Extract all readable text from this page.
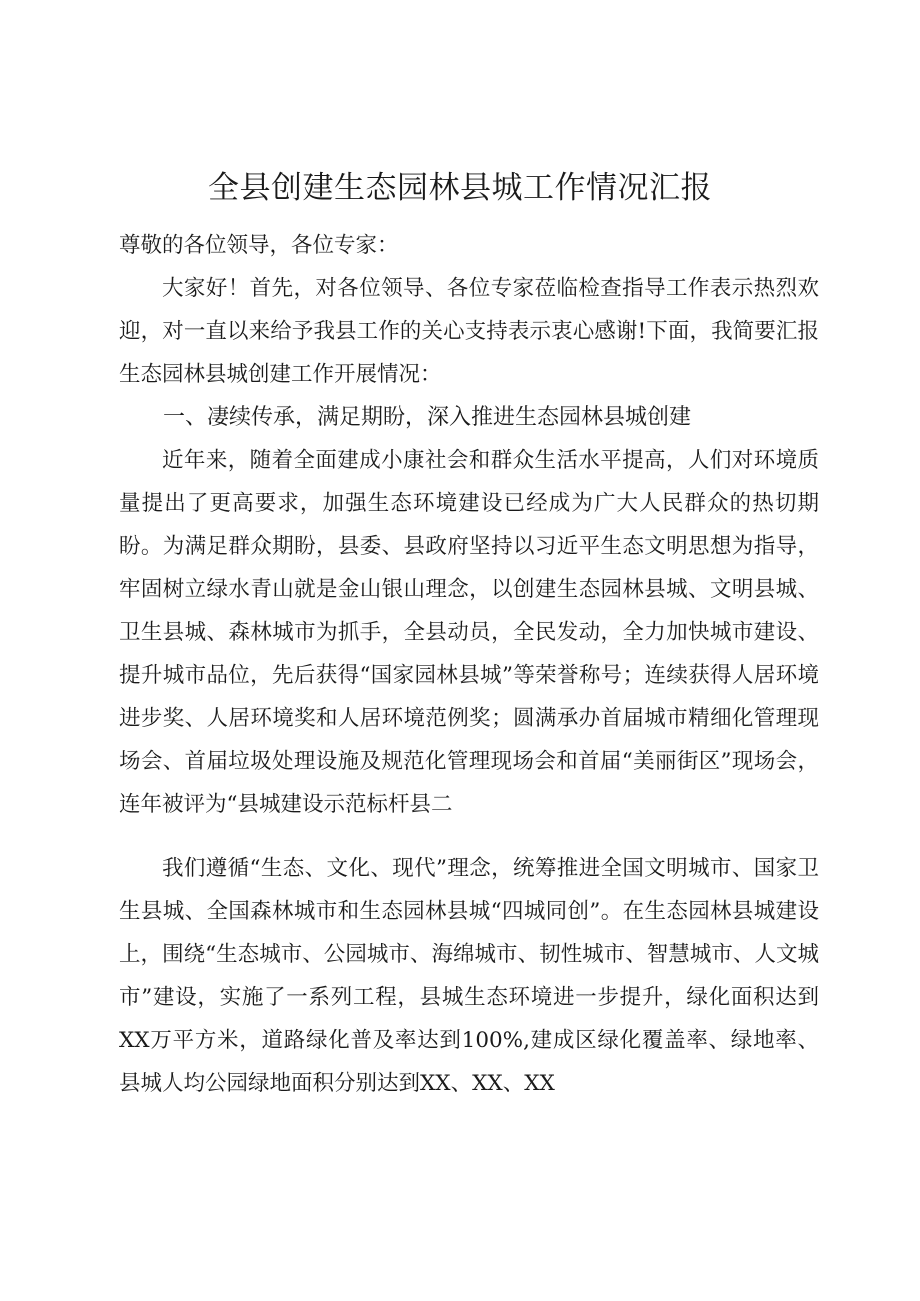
全县创建生态园林县城工作情况汇报

尊敬的各位领导，各位专家：

大家好！首先，对各位领导、各位专家莅临检查指导工作表示热烈欢迎，对一直以来给予我县工作的关心支持表示衷心感谢!下面，我简要汇报生态园林县城创建工作开展情况：

一、凄续传承，满足期盼，深入推进生态园林县城创建

近年来，随着全面建成小康社会和群众生活水平提高，人们对环境质量提出了更高要求，加强生态环境建设已经成为广大人民群众的热切期盼。为满足群众期盼，县委、县政府坚持以习近平生态文明思想为指导，牢固树立绿水青山就是金山银山理念，以创建生态园林县城、文明县城、卫生县城、森林城市为抓手，全县动员，全民发动，全力加快城市建设、提升城市品位，先后获得“国家园林县城”等荣誉称号；连续获得人居环境进步奖、人居环境奖和人居环境范例奖；圆满承办首届城市精细化管理现场会、首届垃圾处理设施及规范化管理现场会和首届“美丽街区”现场会，连年被评为“县城建设示范标杆县二

我们遵循“生态、文化、现代”理念，统筹推进全国文明城市、国家卫生县城、全国森林城市和生态园林县城“四城同创”。在生态园林县城建设上，围绕“生态城市、公园城市、海绵城市、韧性城市、智慧城市、人文城市”建设，实施了一系列工程，县城生态环境进一步提升，绿化面积达到XX万平方米，道路绿化普及率达到100%,建成区绿化覆盖率、绿地率、县城人均公园绿地面积分别达到XX、XX、XX
